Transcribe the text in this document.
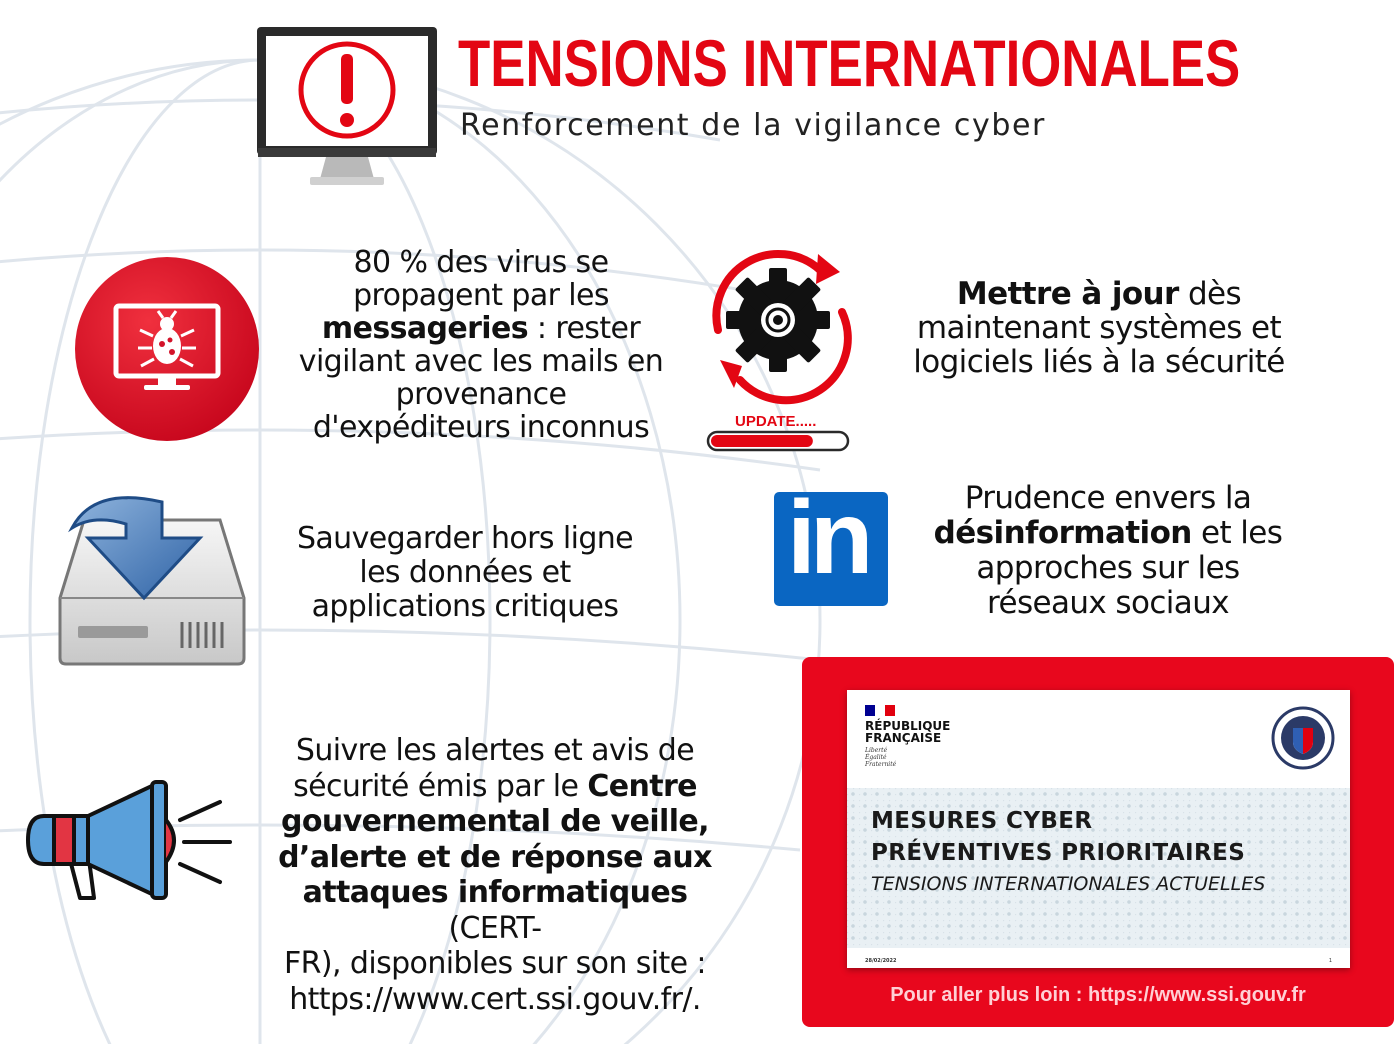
TENSIONS INTERNATIONALES
Renforcement de la vigilance cyber
80 % des virus se
propagent par les
messageries : rester
vigilant avec les mails en
provenance
d'expéditeurs inconnus	UPDATE.....
Mettre à jour dès
maintenant systèmes et
logiciels liés à la sécurité
Sauvegarder hors ligne
les données et
applications critiques
in	Prudence envers la
désinformation et les
approches sur les
réseaux sociaux
Suivre les alertes et avis de
sécurité émis par le Centre
gouvernemental de veille,
d’alerte et de réponse aux
attaques informatiques (CERT-
FR), disponibles sur son site :
https://www.cert.ssi.gouv.fr/.
RÉPUBLIQUE
FRANÇAISE
Liberté
Égalité
Fraternité	ANSSI
MESURES CYBER
PRÉVENTIVES PRIORITAIRES
TENSIONS INTERNATIONALES ACTUELLES
28/02/2022	1
Pour aller plus loin : https://www.ssi.gouv.fr
